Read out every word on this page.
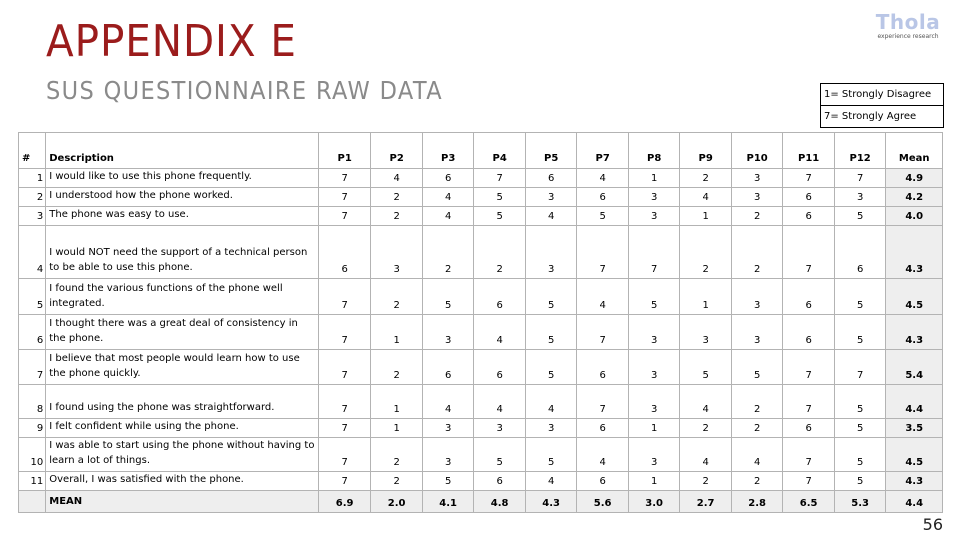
APPENDIX E
SUS QUESTIONNAIRE RAW DATA
Thola
experience research
1= Strongly Disagree
7= Strongly Agree
#	Description	P1	P2	P3	P4	P5	P7	P8	P9	P10	P11	P12	Mean
1	I would like to use this phone frequently.	7	4	6	7	6	4	1	2	3	7	7	4.9
2	I understood how the phone worked.	7	2	4	5	3	6	3	4	3	6	3	4.2
3	The phone was easy to use.	7	2	4	5	4	5	3	1	2	6	5	4.0
4	I would NOT need the support of a technical person to be able to use this phone.	6	3	2	2	3	7	7	2	2	7	6	4.3
5	I found the various functions of the phone well integrated.	7	2	5	6	5	4	5	1	3	6	5	4.5
6	I thought there was a great deal of consistency in the phone.	7	1	3	4	5	7	3	3	3	6	5	4.3
7	I believe that most people would learn how to use the phone quickly.	7	2	6	6	5	6	3	5	5	7	7	5.4
8	I found using the phone was straightforward.	7	1	4	4	4	7	3	4	2	7	5	4.4
9	I felt confident while using the phone.	7	1	3	3	3	6	1	2	2	6	5	3.5
10	I was able to start using the phone without having to learn a lot of things.	7	2	3	5	5	4	3	4	4	7	5	4.5
11	Overall, I was satisfied with the phone.	7	2	5	6	4	6	1	2	2	7	5	4.3
	MEAN	6.9	2.0	4.1	4.8	4.3	5.6	3.0	2.7	2.8	6.5	5.3	4.4
56
